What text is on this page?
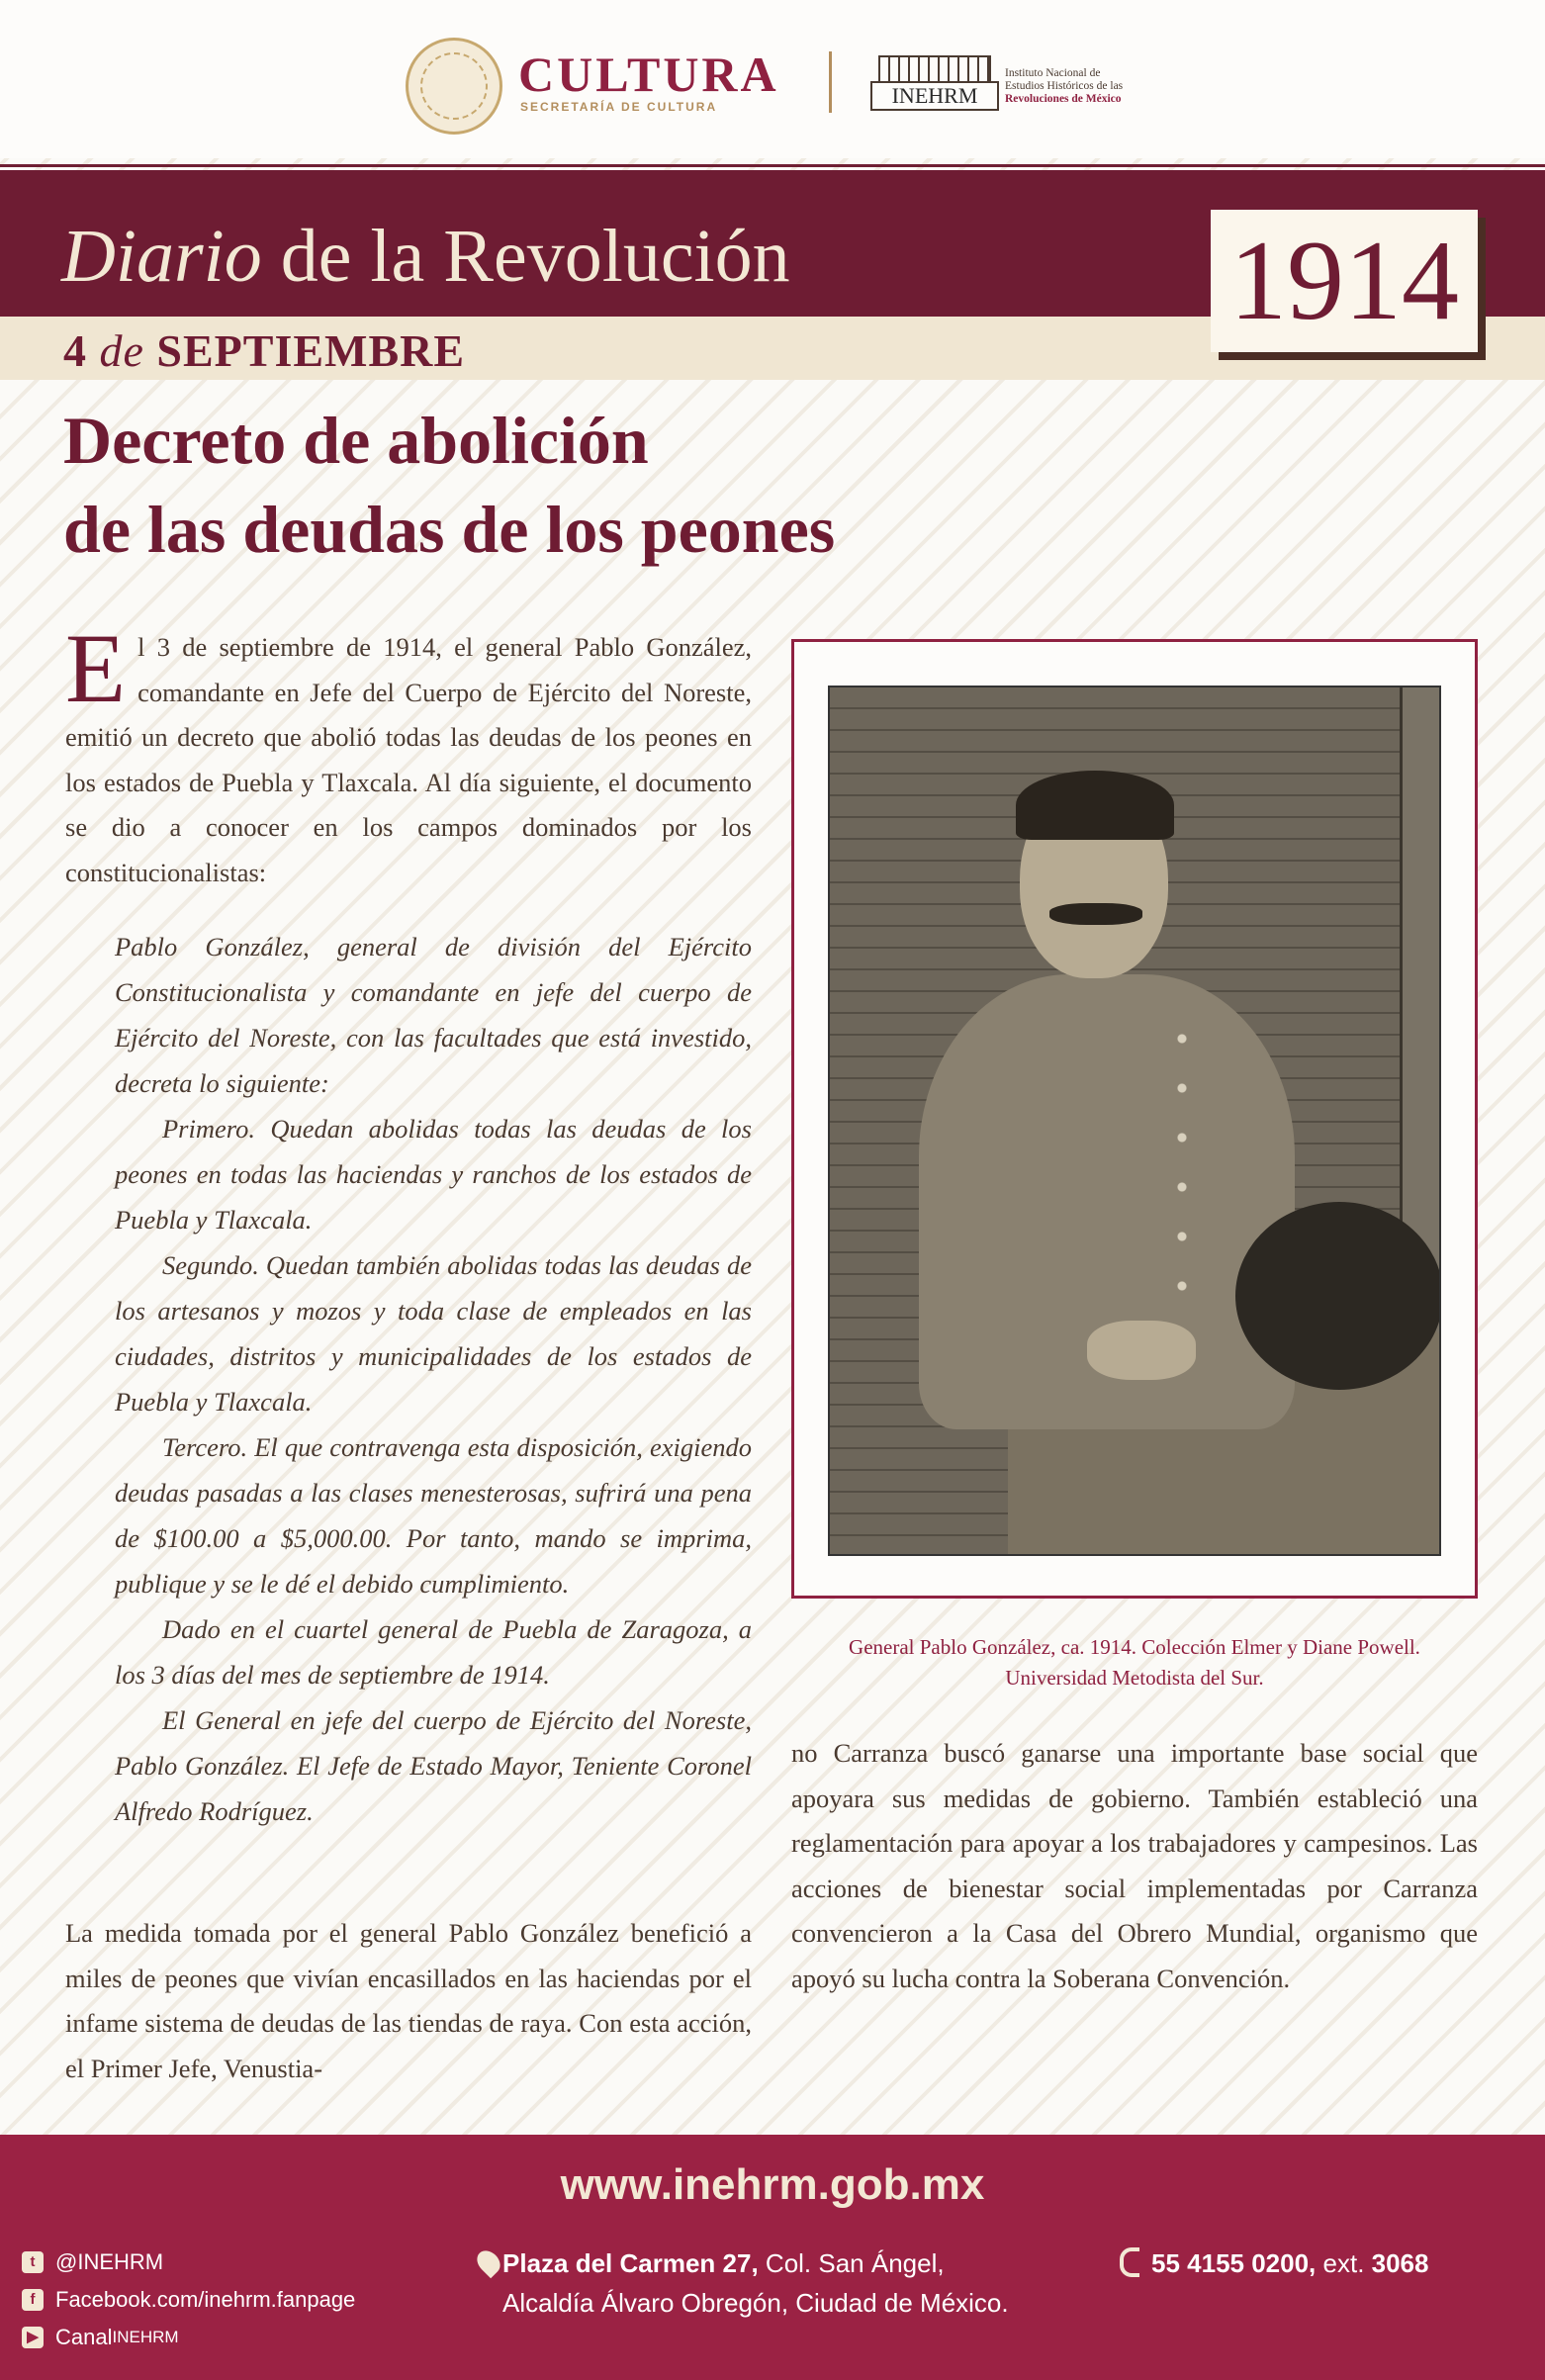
CULTURA
SECRETARÍA DE CULTURA	INEHRM
Instituto Nacional de
Estudios Históricos de las
Revoluciones de México
Diario de la Revolución
4 de SEPTIEMBRE
1914
Decreto de abolición
de las deudas de los peones
El 3 de septiembre de 1914, el general Pablo González, comandante en Jefe del Cuerpo de Ejército del Noreste, emitió un decreto que abolió todas las deudas de los peones en los estados de Puebla y Tlaxcala. Al día siguiente, el documento se dio a conocer en los campos dominados por los constitucionalistas:

Pablo González, general de división del Ejército Constitucionalista y comandante en jefe del cuerpo de Ejército del Noreste, con las facultades que está investido, decreta lo siguiente:

Primero. Quedan abolidas todas las deudas de los peones en todas las haciendas y ranchos de los estados de Puebla y Tlaxcala.

Segundo. Quedan también abolidas todas las deudas de los artesanos y mozos y toda clase de empleados en las ciudades, distritos y municipalidades de los estados de Puebla y Tlaxcala.

Tercero. El que contravenga esta disposición, exigiendo deudas pasadas a las clases menesterosas, sufrirá una pena de $100.00 a $5,000.00. Por tanto, mando se imprima, publique y se le dé el debido cumplimiento.

Dado en el cuartel general de Puebla de Zaragoza, a los 3 días del mes de septiembre de 1914.

El General en jefe del cuerpo de Ejército del Noreste, Pablo González. El Jefe de Estado Mayor, Teniente Coronel Alfredo Rodríguez.

La medida tomada por el general Pablo González benefició a miles de peones que vivían encasillados en las haciendas por el infame sistema de deudas de las tiendas de raya. Con esta acción, el Primer Jefe, Venustia-
General Pablo González, ca. 1914. Colección Elmer y Diane Powell.
Universidad Metodista del Sur.
no Carranza buscó ganarse una importante base social que apoyara sus medidas de gobierno. También estableció una reglamentación para apoyar a los trabajadores y campesinos. Las acciones de bienestar social implementadas por Carranza convencieron a la Casa del Obrero Mundial, organismo que apoyó su lucha contra la Soberana Convención.
www.inehrm.gob.mx
t @INEHRM
f Facebook.com/inehrm.fanpage
▶ Canal INEHRM
Plaza del Carmen 27, Col. San Ángel,
Alcaldía Álvaro Obregón, Ciudad de México.
55 4155 0200, ext. 3068
